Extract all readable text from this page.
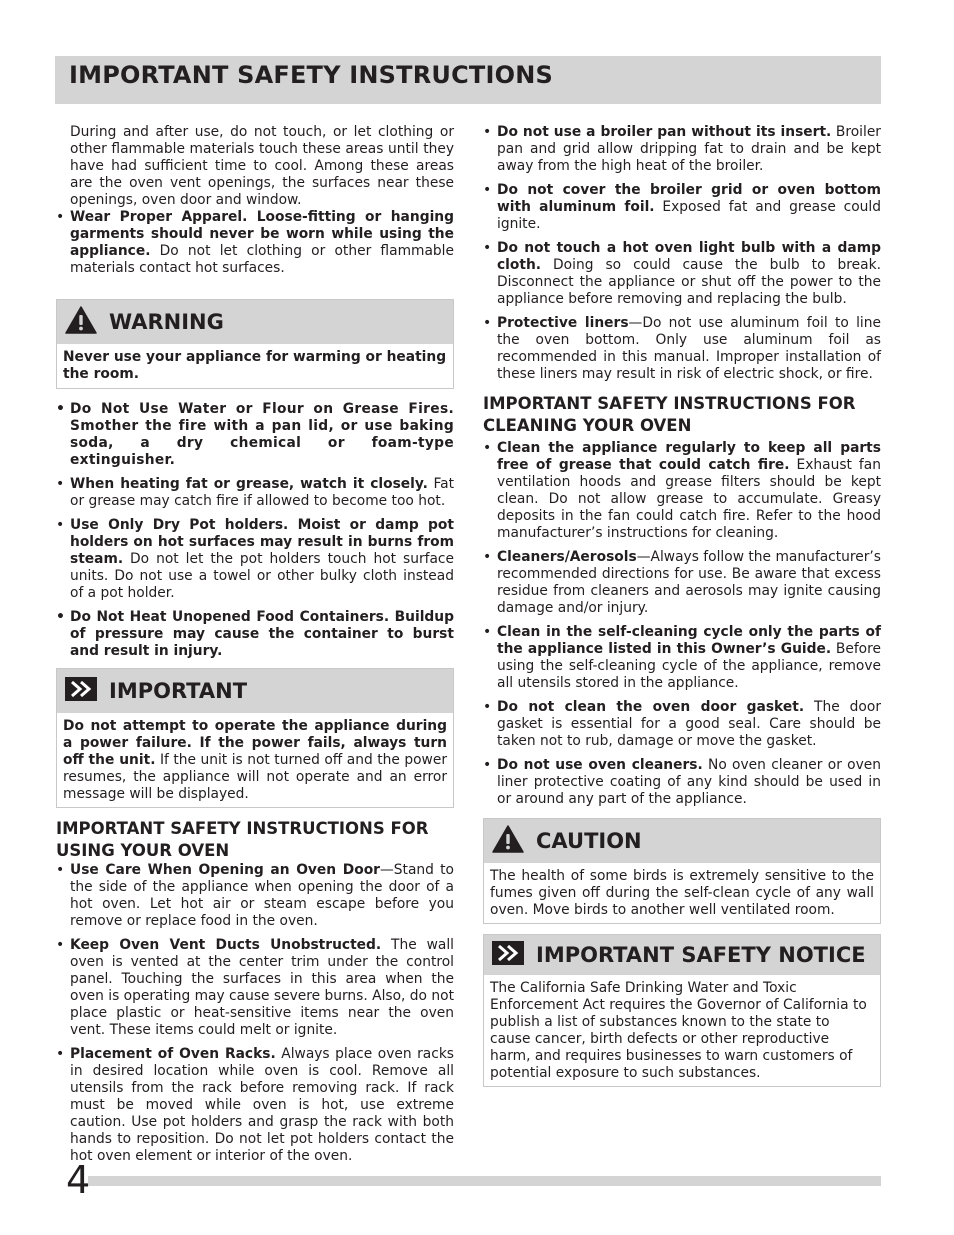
IMPORTANT SAFETY INSTRUCTIONS

During and after use, do not touch, or let clothing or other flammable materials touch these areas until they have had sufficient time to cool. Among these areas are the oven vent openings, the surfaces near these openings, oven door and window.

• Wear Proper Apparel. Loose-fitting or hanging garments should never be worn while using the appliance. Do not let clothing or other flammable materials contact hot surfaces.

WARNING
Never use your appliance for warming or heating the room.

• Do Not Use Water or Flour on Grease Fires. Smother the fire with a pan lid, or use baking soda, a dry chemical or foam-type extinguisher.

• When heating fat or grease, watch it closely. Fat or grease may catch fire if allowed to become too hot.

• Use Only Dry Pot holders. Moist or damp pot holders on hot surfaces may result in burns from steam. Do not let the pot holders touch hot surface units. Do not use a towel or other bulky cloth instead of a pot holder.

• Do Not Heat Unopened Food Containers. Buildup of pressure may cause the container to burst and result in injury.

IMPORTANT
Do not attempt to operate the appliance during a power failure. If the power fails, always turn off the unit. If the unit is not turned off and the power resumes, the appliance will not operate and an error message will be displayed.
IMPORTANT SAFETY INSTRUCTIONS FOR USING YOUR OVEN

• Use Care When Opening an Oven Door—Stand to the side of the appliance when opening the door of a hot oven. Let hot air or steam escape before you remove or replace food in the oven.

• Keep Oven Vent Ducts Unobstructed. The wall oven is vented at the center trim under the control panel. Touching the surfaces in this area when the oven is operating may cause severe burns. Also, do not place plastic or heat-sensitive items near the oven vent. These items could melt or ignite.

• Placement of Oven Racks. Always place oven racks in desired location while oven is cool. Remove all utensils from the rack before removing rack. If rack must be moved while oven is hot, use extreme caution. Use pot holders and grasp the rack with both hands to reposition. Do not let pot holders contact the hot oven element or interior of the oven.

• Do not use a broiler pan without its insert. Broiler pan and grid allow dripping fat to drain and be kept away from the high heat of the broiler.

• Do not cover the broiler grid or oven bottom with aluminum foil. Exposed fat and grease could ignite.

• Do not touch a hot oven light bulb with a damp cloth. Doing so could cause the bulb to break. Disconnect the appliance or shut off the power to the appliance before removing and replacing the bulb.

• Protective liners—Do not use aluminum foil to line the oven bottom. Only use aluminum foil as recommended in this manual. Improper installation of these liners may result in risk of electric shock, or fire.

IMPORTANT SAFETY INSTRUCTIONS FOR CLEANING YOUR OVEN

• Clean the appliance regularly to keep all parts free of grease that could catch fire. Exhaust fan ventilation hoods and grease filters should be kept clean. Do not allow grease to accumulate. Greasy deposits in the fan could catch fire. Refer to the hood manufacturer’s instructions for cleaning.

• Cleaners/Aerosols—Always follow the manufacturer’s recommended directions for use. Be aware that excess residue from cleaners and aerosols may ignite causing damage and/or injury.

• Clean in the self-cleaning cycle only the parts of the appliance listed in this Owner’s Guide. Before using the self-cleaning cycle of the appliance, remove all utensils stored in the appliance.

• Do not clean the oven door gasket. The door gasket is essential for a good seal. Care should be taken not to rub, damage or move the gasket.

• Do not use oven cleaners. No oven cleaner or oven liner protective coating of any kind should be used in or around any part of the appliance.

CAUTION
The health of some birds is extremely sensitive to the fumes given off during the self-clean cycle of any wall oven. Move birds to another well ventilated room.
IMPORTANT SAFETY NOTICE
The California Safe Drinking Water and Toxic Enforcement Act requires the Governor of California to publish a list of substances known to the state to cause cancer, birth defects or other reproductive harm, and requires businesses to warn customers of potential exposure to such substances.
4
